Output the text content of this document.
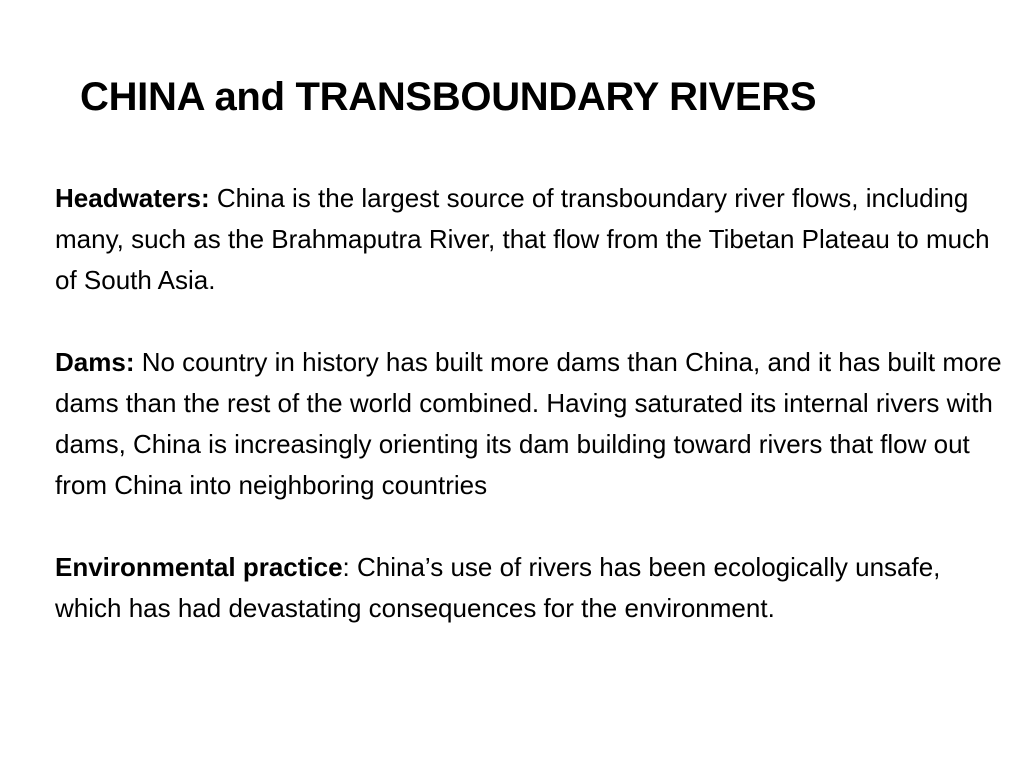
CHINA and TRANSBOUNDARY RIVERS

Headwaters: China is the largest source of transboundary river flows, including many, such as the Brahmaputra River, that flow from the Tibetan Plateau to much of South Asia.

Dams: No country in history has built more dams than China, and it has built more dams than the rest of the world combined. Having saturated its internal rivers with dams, China is increasingly orienting its dam building toward rivers that flow out from China into neighboring countries

Environmental practice: China’s use of rivers has been ecologically unsafe, which has had devastating consequences for the environment.
